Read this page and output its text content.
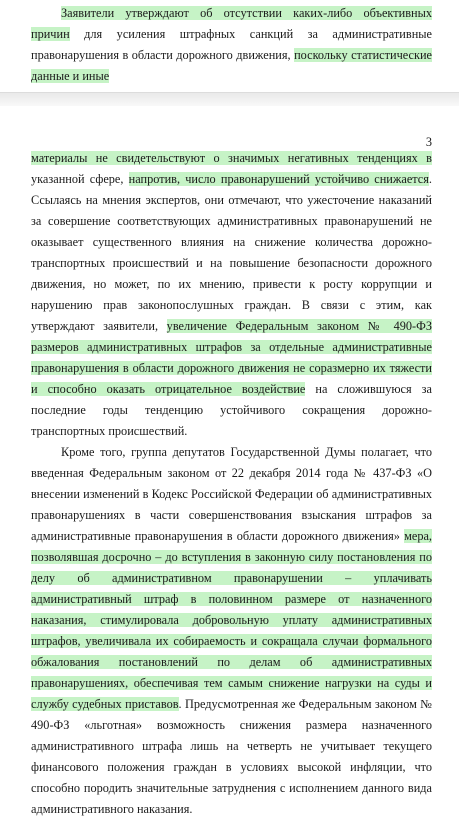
Заявители утверждают об отсутствии каких-либо объективных причин для усиления штрафных санкций за административные правонарушения в области дорожного движения, поскольку статистические данные и иные

3

материалы не свидетельствуют о значимых негативных тенденциях в указанной сфере, напротив, число правонарушений устойчиво снижается. Ссылаясь на мнения экспертов, они отмечают, что ужесточение наказаний за совершение соответствующих административных правонарушений не оказывает существенного влияния на снижение количества дорожно-транспортных происшествий и на повышение безопасности дорожного движения, но может, по их мнению, привести к росту коррупции и нарушению прав законопослушных граждан. В связи с этим, как утверждают заявители, увеличение Федеральным законом № 490-ФЗ размеров административных штрафов за отдельные административные правонарушения в области дорожного движения не соразмерно их тяжести и способно оказать отрицательное воздействие на сложившуюся за последние годы тенденцию устойчивого сокращения дорожно-транспортных происшествий.

Кроме того, группа депутатов Государственной Думы полагает, что введенная Федеральным законом от 22 декабря 2014 года № 437-ФЗ «О внесении изменений в Кодекс Российской Федерации об административных правонарушениях в части совершенствования взыскания штрафов за административные правонарушения в области дорожного движения» мера, позволявшая досрочно – до вступления в законную силу постановления по делу об административном правонарушении – уплачивать административный штраф в половинном размере от назначенного наказания, стимулировала добровольную уплату административных штрафов, увеличивала их собираемость и сокращала случаи формального обжалования постановлений по делам об административных правонарушениях, обеспечивая тем самым снижение нагрузки на суды и службу судебных приставов. Предусмотренная же Федеральным законом № 490-ФЗ «льготная» возможность снижения размера назначенного административного штрафа лишь на четверть не учитывает текущего финансового положения граждан в условиях высокой инфляции, что способно породить значительные затруднения с исполнением данного вида административного наказания.
